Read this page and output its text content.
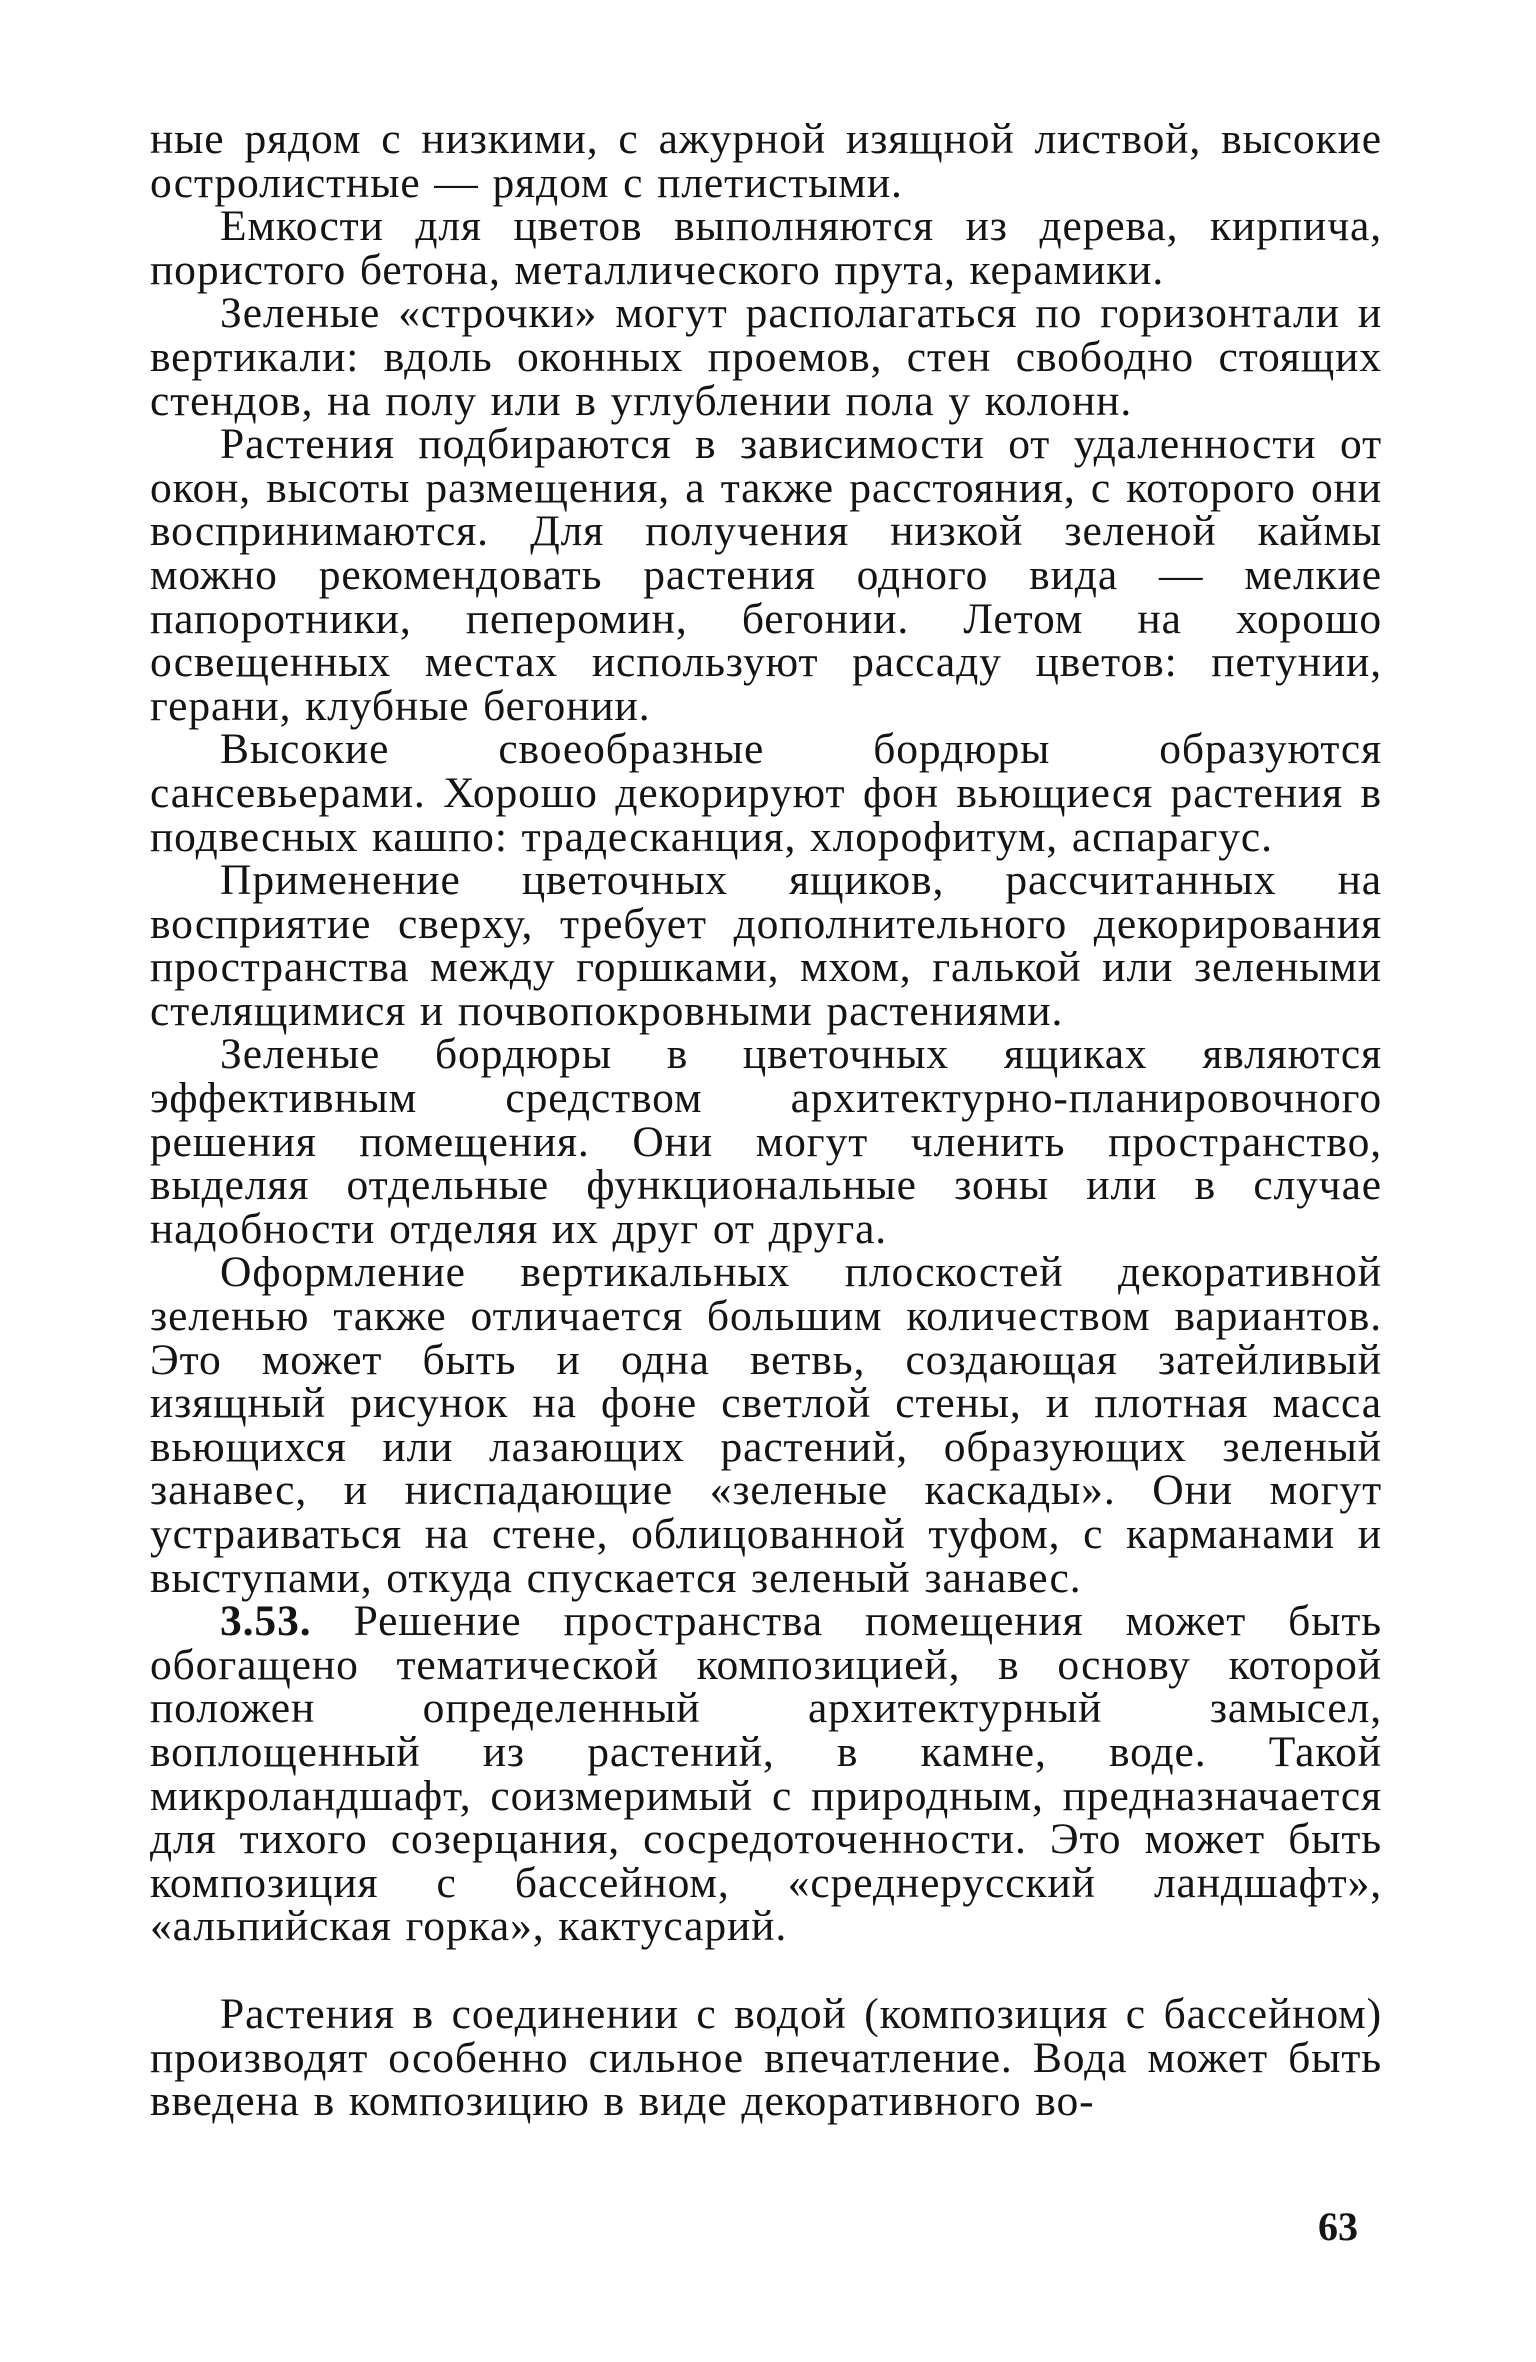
ные рядом с низкими, с ажурной изящной листвой, высокие остролистные — рядом с плетистыми.

Емкости для цветов выполняются из дерева, кирпича, пористого бетона, металлического прута, керамики.

Зеленые «строчки» могут располагаться по горизонтали и вертикали: вдоль оконных проемов, стен свободно стоящих стендов, на полу или в углублении пола у колонн.

Растения подбираются в зависимости от удаленности от окон, высоты размещения, а также расстояния, с которого они воспринимаются. Для получения низкой зеленой каймы можно рекомендовать растения одного вида — мелкие папоротники, пеперомин, бегонии. Летом на хорошо освещенных местах используют рассаду цветов: петунии, герани, клубные бегонии.

Высокие своеобразные бордюры образуются сансевьерами. Хорошо декорируют фон вьющиеся растения в подвесных кашпо: традесканция, хлорофитум, аспарагус.

Применение цветочных ящиков, рассчитанных на восприятие сверху, требует дополнительного декорирования пространства между горшками, мхом, галькой или зелеными стелящимися и почвопокровными растениями.

Зеленые бордюры в цветочных ящиках являются эффективным средством архитектурно-планировочного решения помещения. Они могут членить пространство, выделяя отдельные функциональные зоны или в случае надобности отделяя их друг от друга.

Оформление вертикальных плоскостей декоративной зеленью также отличается большим количеством вариантов. Это может быть и одна ветвь, создающая затейливый изящный рисунок на фоне светлой стены, и плотная масса вьющихся или лазающих растений, образующих зеленый занавес, и ниспадающие «зеленые каскады». Они могут устраиваться на стене, облицованной туфом, с карманами и выступами, откуда спускается зеленый занавес.

3.53. Решение пространства помещения может быть обогащено тематической композицией, в основу которой положен определенный архитектурный замысел, воплощенный из растений, в камне, воде. Такой микроландшафт, соизмеримый с природным, предназначается для тихого созерцания, сосредоточенности. Это может быть композиция с бассейном, «среднерусский ландшафт», «альпийская горка», кактусарий.

Растения в соединении с водой (композиция с бассейном) производят особенно сильное впечатление. Вода может быть введена в композицию в виде декоративного во-

63
